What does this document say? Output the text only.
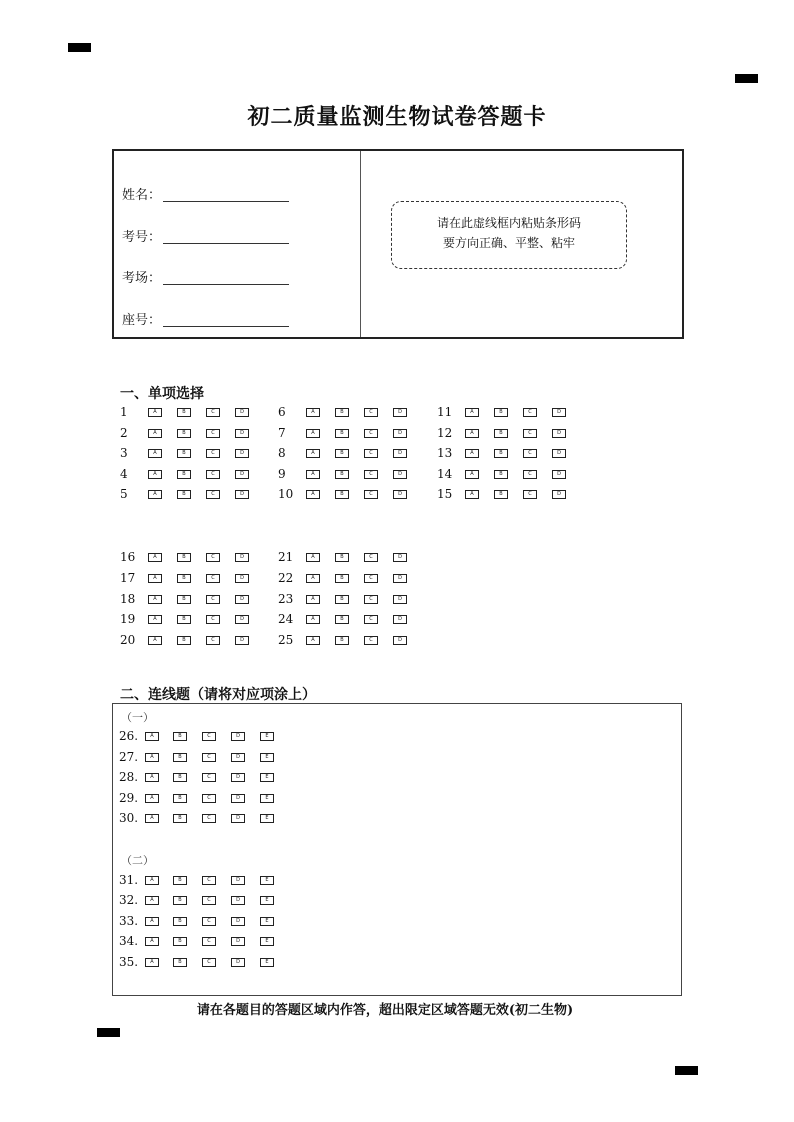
初二质量监测生物试卷答题卡
姓名：
考号：
考场：
座号：
请在此虚线框内粘贴条形码
要方向正确、平整、粘牢
一、单项选择
1	A	B	C	D
2	A	B	C	D
3	A	B	C	D
4	A	B	C	D
5	A	B	C	D
6	A	B	C	D
7	A	B	C	D
8	A	B	C	D
9	A	B	C	D
10	A	B	C	D
11	A	B	C	D
12	A	B	C	D
13	A	B	C	D
14	A	B	C	D
15	A	B	C	D
16	A	B	C	D
17	A	B	C	D
18	A	B	C	D
19	A	B	C	D
20	A	B	C	D
21	A	B	C	D
22	A	B	C	D
23	A	B	C	D
24	A	B	C	D
25	A	B	C	D
二、连线题（请将对应项涂上）
（一）
26.	A	B	C	D	E
27.	A	B	C	D	E
28.	A	B	C	D	E
29.	A	B	C	D	E
30.	A	B	C	D	E
（二）
31.	A	B	C	D	E
32.	A	B	C	D	E
33.	A	B	C	D	E
34.	A	B	C	D	E
35.	A	B	C	D	E
请在各题目的答题区域内作答，超出限定区域答题无效(初二生物)
